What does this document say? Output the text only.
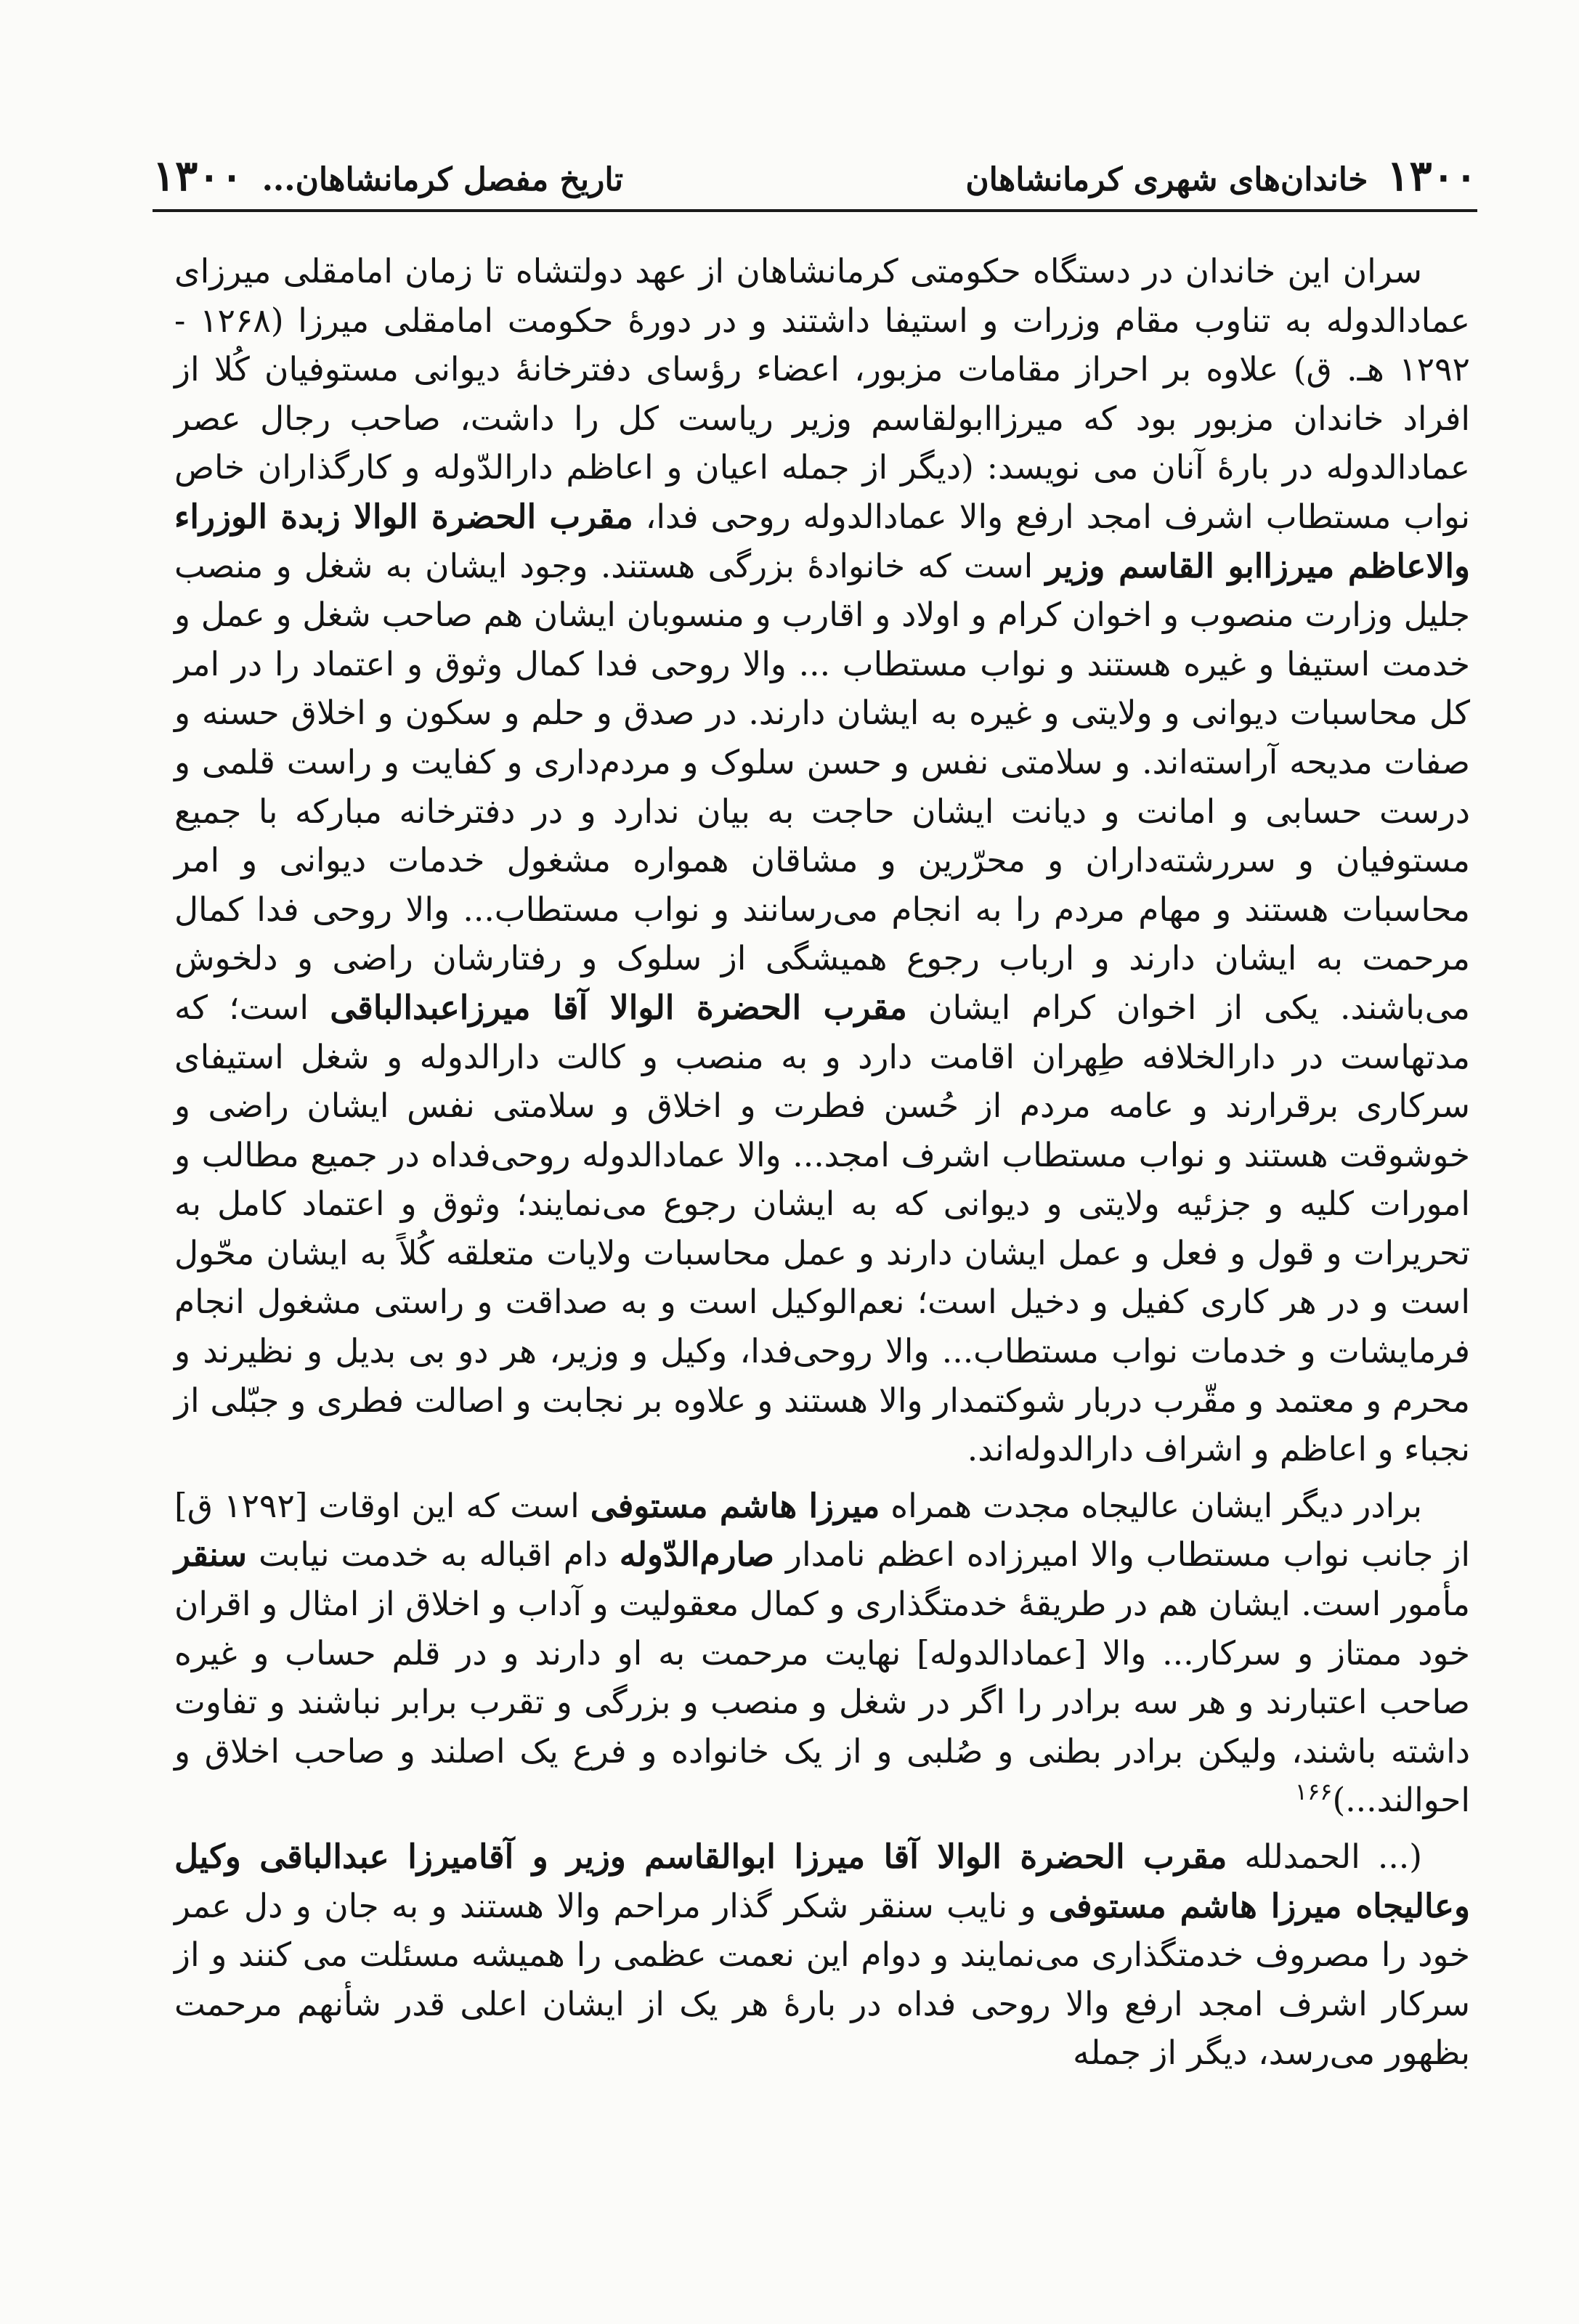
۱۳۰۰ تاریخ مفصل کرمانشاهان...	خاندان‌های شهری کرمانشاهان ۱۳۰۰

سران این خاندان در دستگاه حکومتی کرمانشاهان از عهد دولتشاه تا زمان امامقلی میرزای عمادالدوله به تناوب مقام وزرات و استیفا داشتند و در دورهٔ حکومت امامقلی میرزا (۱۲۶۸ - ۱۲۹۲ هـ. ق) علاوه بر احراز مقامات مزبور، اعضاء رؤسای دفترخانهٔ دیوانی مستوفیان کُلا از افراد خاندان مزبور بود که میرزاابولقاسم وزیر ریاست کل را داشت، صاحب رجال عصر عمادالدوله در بارهٔ آنان می نویسد: (دیگر از جمله اعیان و اعاظم دارالدّوله و کارگذاران خاص نواب مستطاب اشرف امجد ارفع والا عمادالدوله روحی فدا، مقرب الحضرة الوالا زبدة الوزراء والاعاظم میرزاابو القاسم وزیر است که خانوادهٔ بزرگی هستند. وجود ایشان به شغل و منصب جلیل وزارت منصوب و اخوان کرام و اولاد و اقارب و منسوبان ایشان هم صاحب شغل و عمل و خدمت استیفا و غیره هستند و نواب مستطاب ... والا روحی فدا کمال وثوق و اعتماد را در امر کل محاسبات دیوانی و ولایتی و غیره به ایشان دارند. در صدق و حلم و سکون و اخلاق حسنه و صفات مدیحه آراسته‌اند. و سلامتی نفس و حسن سلوک و مردم‌داری و کفایت و راست قلمی و درست حسابی و امانت و دیانت ایشان حاجت به بیان ندارد و در دفترخانه مبارکه با جمیع مستوفیان و سررشته‌داران و محرّرین و مشاقان همواره مشغول خدمات دیوانی و امر محاسبات هستند و مهام مردم را به انجام می‌رسانند و نواب مستطاب... والا روحی فدا کمال مرحمت به ایشان دارند و ارباب رجوع همیشگی از سلوک و رفتارشان راضی و دلخوش می‌باشند. یکی از اخوان کرام ایشان مقرب الحضرة الوالا آقا میرزاعبدالباقی است؛ که مدتهاست در دارالخلافه طِهران اقامت دارد و به منصب و کالت دارالدوله و شغل استیفای سرکاری برقرارند و عامه مردم از حُسن فطرت و اخلاق و سلامتی نفس ایشان راضی و خوشوقت هستند و نواب مستطاب اشرف امجد... والا عمادالدوله روحی‌فداه در جمیع مطالب و امورات کلیه و جزئیه ولایتی و دیوانی که به ایشان رجوع می‌نمایند؛ وثوق و اعتماد کامل به تحریرات و قول و فعل و عمل ایشان دارند و عمل محاسبات ولایات متعلقه کُلاً به ایشان محّول است و در هر کاری کفیل و دخیل است؛ نعم‌الوکیل است و به صداقت و راستی مشغول انجام فرمایشات و خدمات نواب مستطاب... والا روحی‌فدا، وکیل و وزیر، هر دو بی بدیل و نظیرند و محرم و معتمد و مقّرب دربار شوکتمدار والا هستند و علاوه بر نجابت و اصالت فطری و جبّلی از نجباء و اعاظم و اشراف دارالدوله‌اند.

برادر دیگر ایشان عالیجاه مجدت همراه میرزا هاشم مستوفی است که این اوقات [۱۲۹۲ ق] از جانب نواب مستطاب والا امیرزاده اعظم نامدار صارم‌الدّوله دام اقباله به خدمت نیابت سنقر مأمور است. ایشان هم در طریقهٔ خدمتگذاری و کمال معقولیت و آداب و اخلاق از امثال و اقران خود ممتاز و سرکار... والا [عمادالدوله] نهایت مرحمت به او دارند و در قلم حساب و غیره صاحب اعتبارند و هر سه برادر را اگر در شغل و منصب و بزرگی و تقرب برابر نباشند و تفاوت داشته باشند، ولیکن برادر بطنی و صُلبی و از یک خانواده و فرع یک اصلند و صاحب اخلاق و احوالند...)$^{۱۶۶}$

(... الحمدلله مقرب الحضرة الوالا آقا میرزا ابوالقاسم وزیر و آقامیرزا عبدالباقی وکیل وعالیجاه میرزا هاشم مستوفی و نایب سنقر شکر گذار مراحم والا هستند و به جان و دل عمر خود را مصروف خدمتگذاری می‌نمایند و دوام این نعمت عظمی را همیشه مسئلت می کنند و از سرکار اشرف امجد ارفع والا روحی فداه در بارهٔ هر یک از ایشان اعلی قدر شأنهم مرحمت بظهور می‌رسد، دیگر از جمله
